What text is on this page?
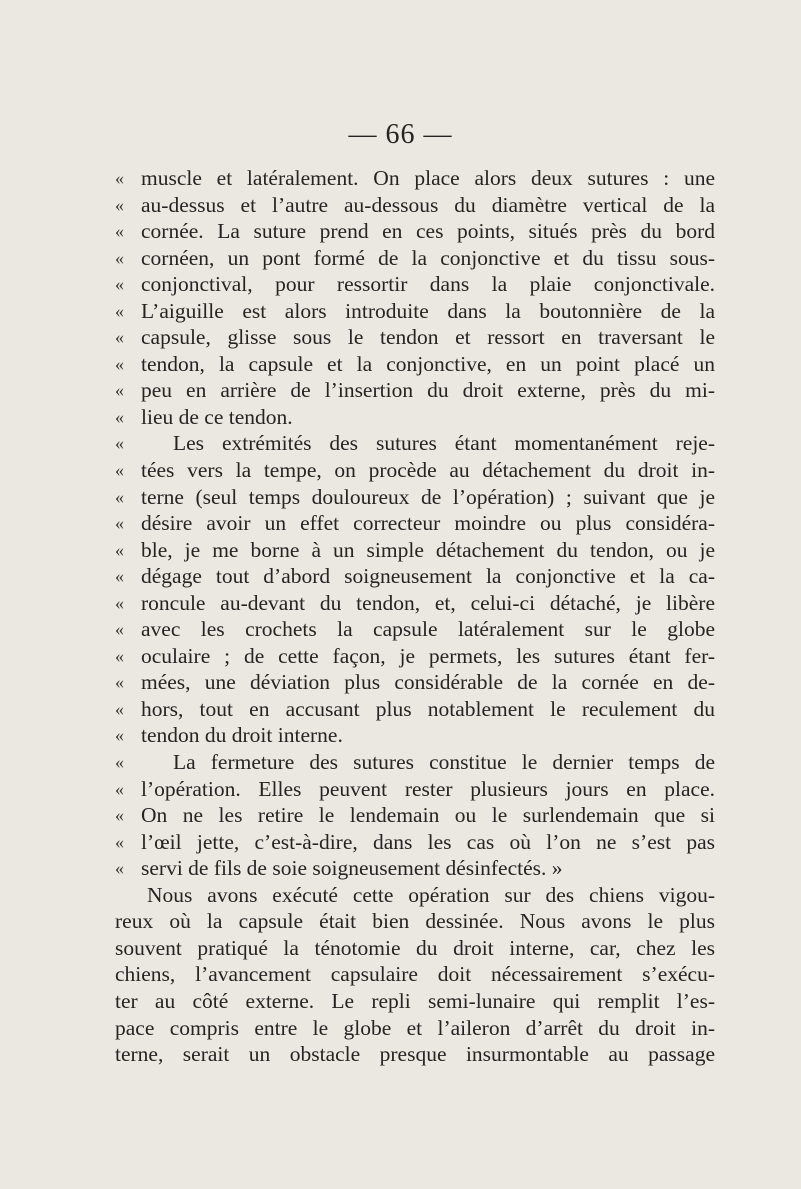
— 66 —
« muscle et latéralement. On place alors deux sutures : une
« au-dessus et l’autre au-dessous du diamètre vertical de la
« cornée. La suture prend en ces points, situés près du bord
« cornéen, un pont formé de la conjonctive et du tissu sous-
« conjonctival, pour ressortir dans la plaie conjonctivale.
« L’aiguille est alors introduite dans la boutonnière de la
« capsule, glisse sous le tendon et ressort en traversant le
« tendon, la capsule et la conjonctive, en un point placé un
« peu en arrière de l’insertion du droit externe, près du mi-
« lieu de ce tendon.
«	Les extrémités des sutures étant momentanément reje-
« tées vers la tempe, on procède au détachement du droit in-
« terne (seul temps douloureux de l’opération) ; suivant que je
« désire avoir un effet correcteur moindre ou plus considéra-
« ble, je me borne à un simple détachement du tendon, ou je
« dégage tout d’abord soigneusement la conjonctive et la ca-
« roncule au-devant du tendon, et, celui-ci détaché, je libère
« avec les crochets la capsule latéralement sur le globe
« oculaire ; de cette façon, je permets, les sutures étant fer-
« mées, une déviation plus considérable de la cornée en de-
« hors, tout en accusant plus notablement le reculement du
« tendon du droit interne.
«	La fermeture des sutures constitue le dernier temps de
« l’opération. Elles peuvent rester plusieurs jours en place.
« On ne les retire le lendemain ou le surlendemain que si
« l’œil jette, c’est-à-dire, dans les cas où l’on ne s’est pas
« servi de fils de soie soigneusement désinfectés. »
Nous avons exécuté cette opération sur des chiens vigou-
reux où la capsule était bien dessinée. Nous avons le plus
souvent pratiqué la ténotomie du droit interne, car, chez les
chiens, l’avancement capsulaire doit nécessairement s’exécu-
ter au côté externe. Le repli semi-lunaire qui remplit l’es-
pace compris entre le globe et l’aileron d’arrêt du droit in-
terne, serait un obstacle presque insurmontable au passage
